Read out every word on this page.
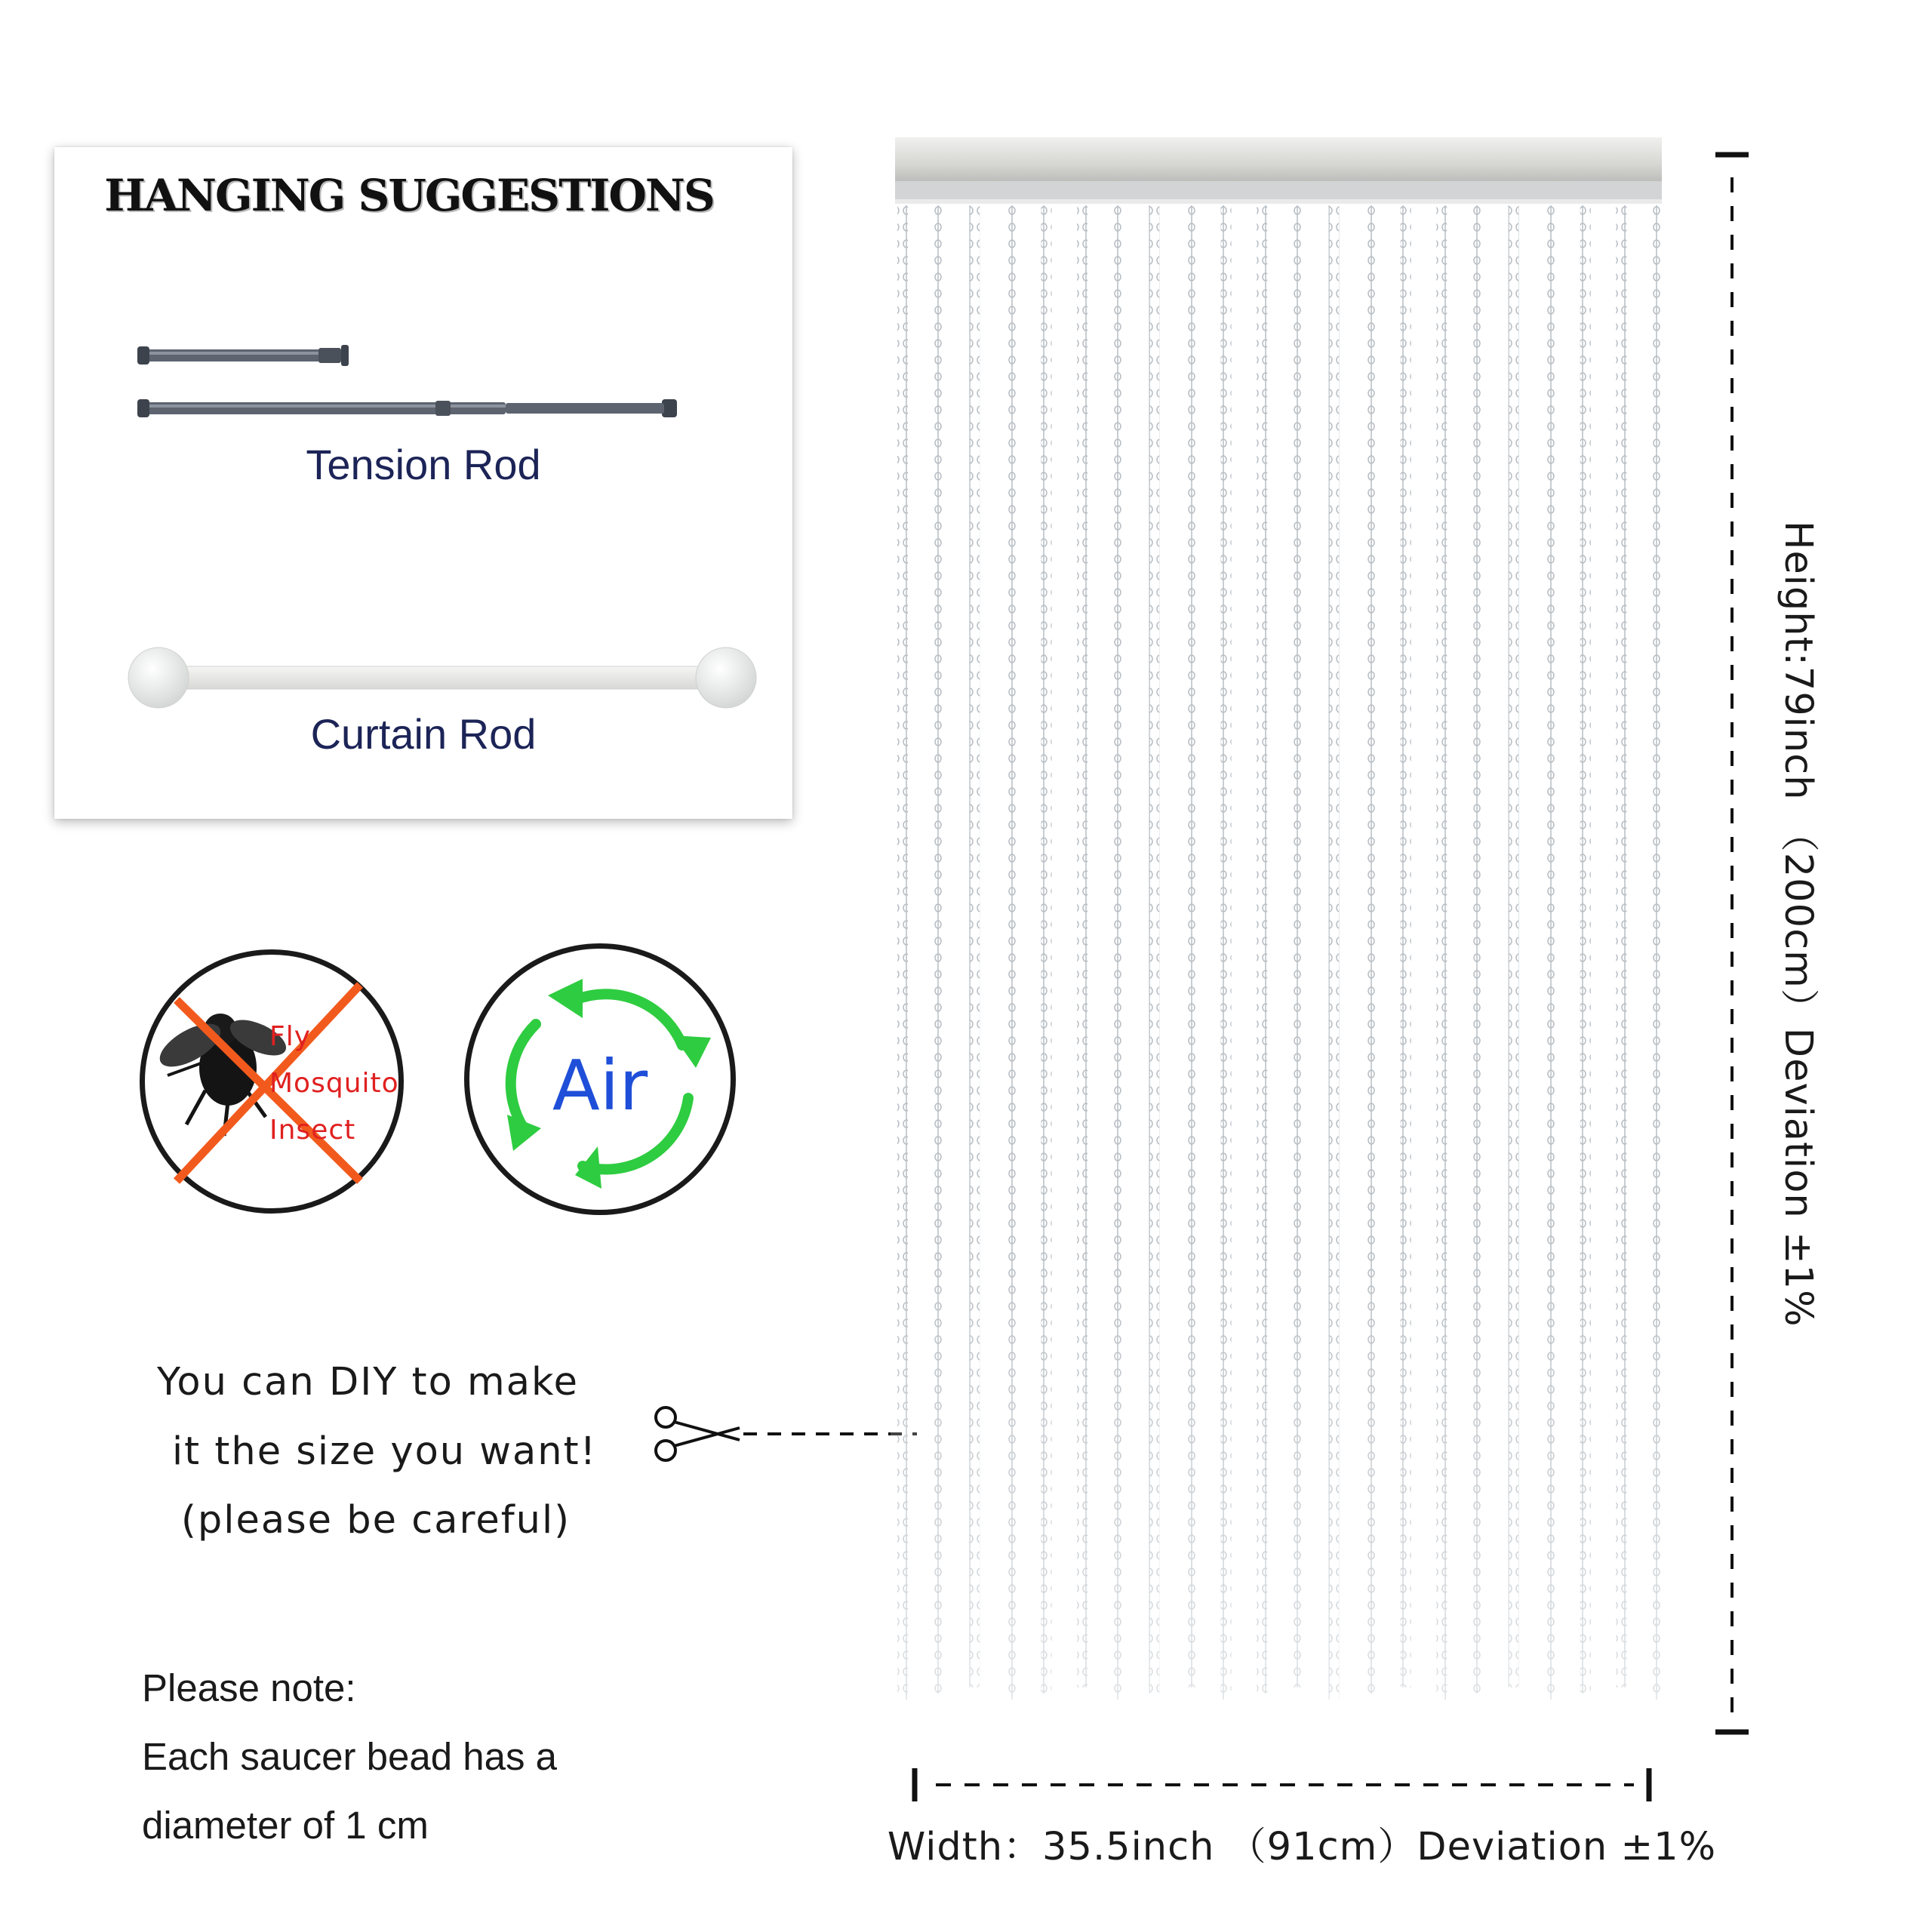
HANGING SUGGESTIONS
Tension Rod
Curtain Rod
Fly
Mosquito
Insect
Air
You can DIY to make
it the size you want!
(please be careful)
Please note:
Each saucer bead has a
diameter of 1 cm	Width：35.5inch （91cm）Deviation ±1%
Height:79inch （200cm）Deviation ±1%
